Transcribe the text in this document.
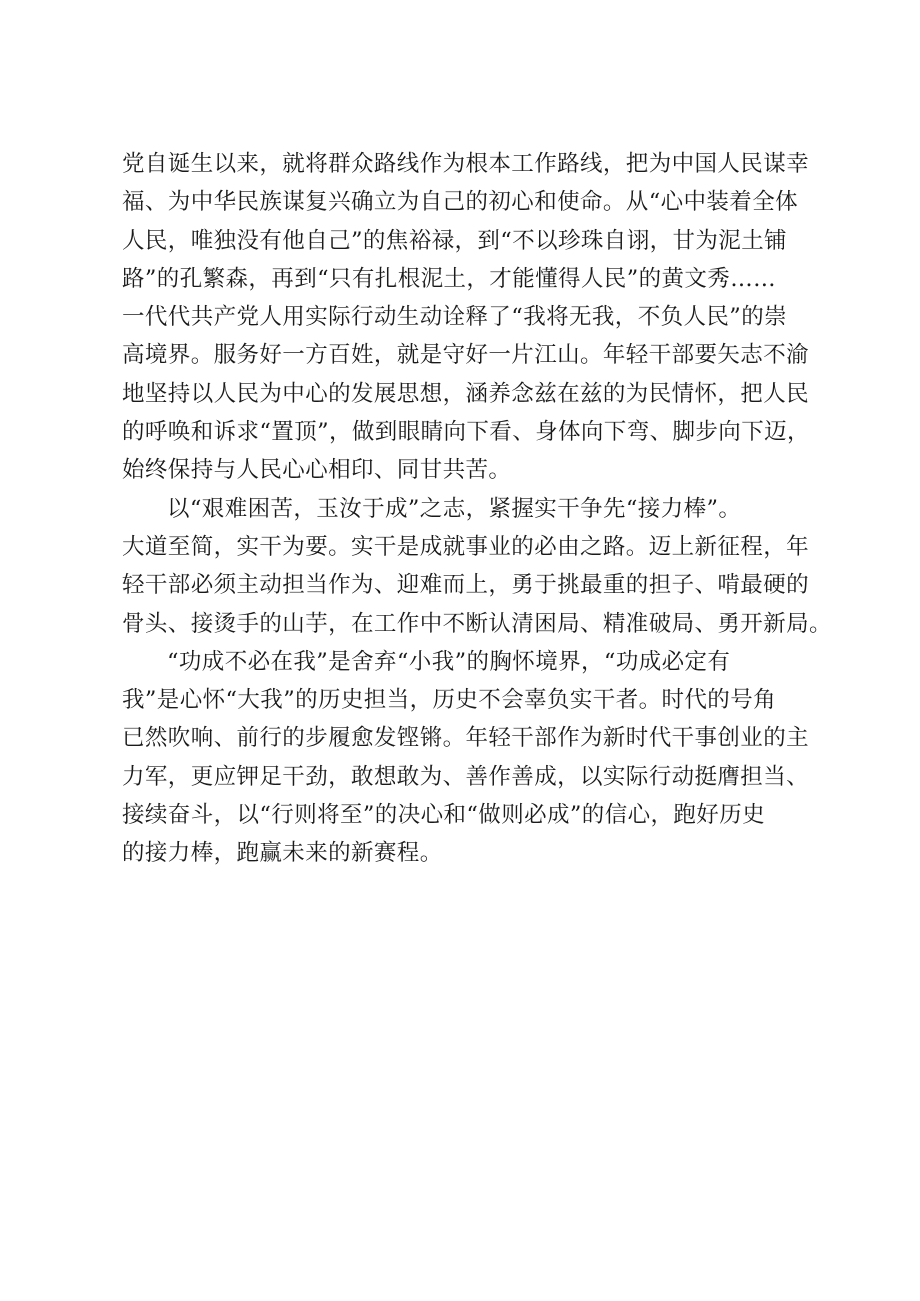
党自诞生以来，就将群众路线作为根本工作路线，把为中国人民谋幸
福、为中华民族谋复兴确立为自己的初心和使命。从“心中装着全体
人民，唯独没有他自己”的焦裕禄，到“不以珍珠自诩，甘为泥土铺
路”的孔繁森，再到“只有扎根泥土，才能懂得人民”的黄文秀……
一代代共产党人用实际行动生动诠释了“我将无我，不负人民”的崇
高境界。服务好一方百姓，就是守好一片江山。年轻干部要矢志不渝
地坚持以人民为中心的发展思想，涵养念兹在兹的为民情怀，把人民
的呼唤和诉求“置顶”，做到眼睛向下看、身体向下弯、脚步向下迈，
始终保持与人民心心相印、同甘共苦。
以“艰难困苦，玉汝于成”之志，紧握实干争先“接力棒”。
大道至简，实干为要。实干是成就事业的必由之路。迈上新征程，年
轻干部必须主动担当作为、迎难而上，勇于挑最重的担子、啃最硬的
骨头、接烫手的山芋，在工作中不断认清困局、精准破局、勇开新局。
“功成不必在我”是舍弃“小我”的胸怀境界，“功成必定有
我”是心怀“大我”的历史担当，历史不会辜负实干者。时代的号角
已然吹响、前行的步履愈发铿锵。年轻干部作为新时代干事创业的主
力军，更应钾足干劲，敢想敢为、善作善成，以实际行动挺膺担当、
接续奋斗，以“行则将至”的决心和“做则必成”的信心，跑好历史
的接力棒，跑赢未来的新赛程。
